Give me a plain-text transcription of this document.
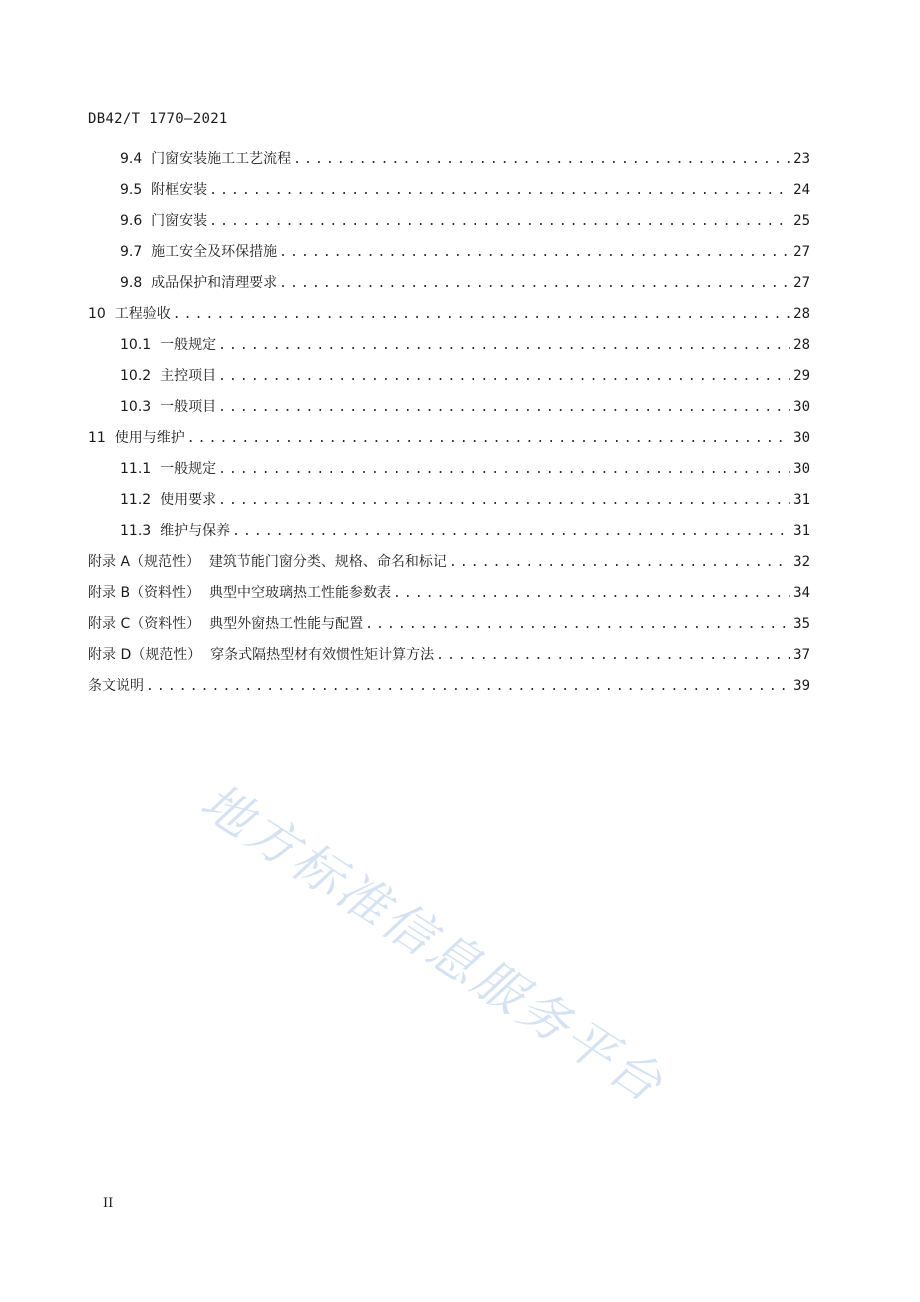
DB42/T 1770—2021
9.4 门窗安装施工工艺流程 .....	23
9.5 附框安装 .....	24
9.6 门窗安装 .....	25
9.7 施工安全及环保措施 .....	27
9.8 成品保护和清理要求 .....	27
10 工程验收 .....	28
10.1 一般规定 .....	28
10.2 主控项目 .....	29
10.3 一般项目 .....	30
11 使用与维护 .....	30
11.1 一般规定 .....	30
11.2 使用要求 .....	31
11.3 维护与保养 .....	31
附录 A（规范性） 建筑节能门窗分类、规格、命名和标记 .....	32
附录 B（资料性） 典型中空玻璃热工性能参数表 .....	34
附录 C（资料性） 典型外窗热工性能与配置 .....	35
附录 D（规范性） 穿条式隔热型材有效惯性矩计算方法 .....	37
条文说明 .....	39
地方标准信息服务平台
II
